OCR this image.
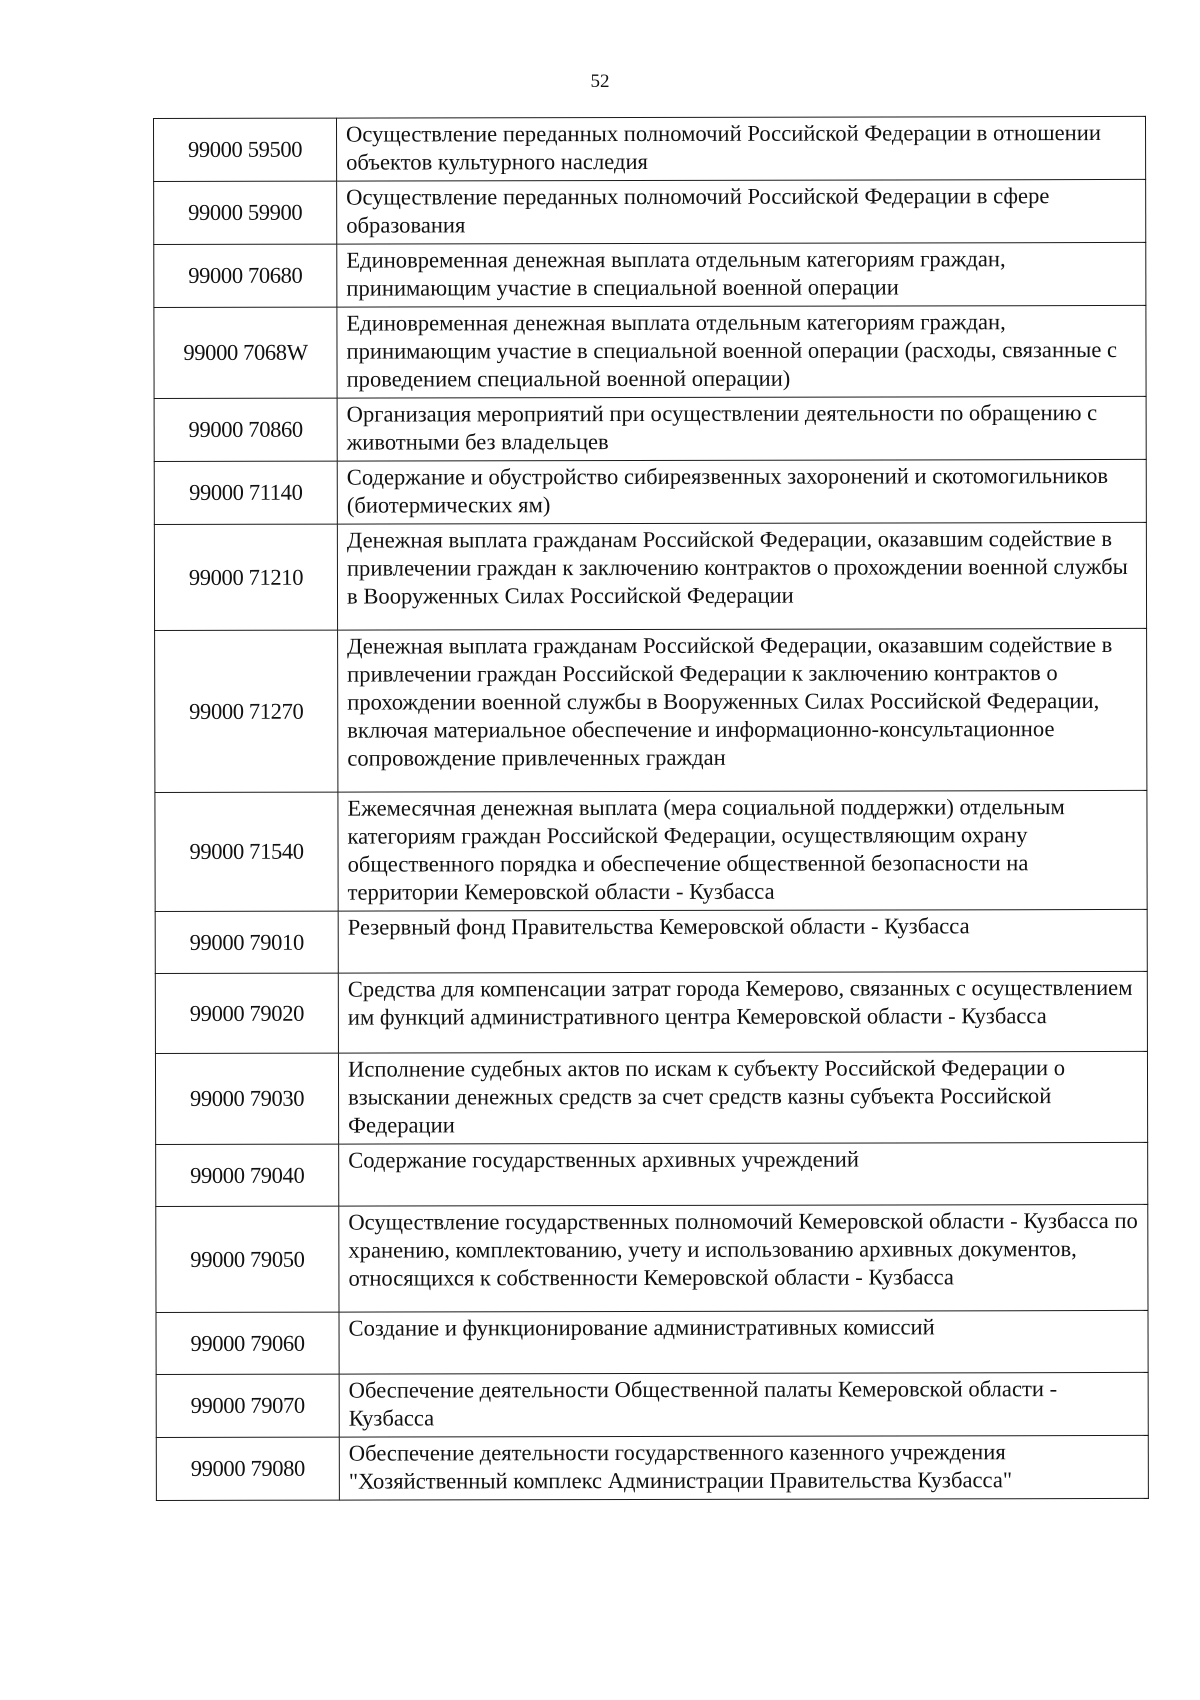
52
99000 59500	Осуществление переданных полномочий Российской Федерации в отношении объектов культурного наследия
99000 59900	Осуществление переданных полномочий Российской Федерации в сфере образования
99000 70680	Единовременная денежная выплата отдельным категориям граждан, принимающим участие в специальной военной операции
99000 7068W	Единовременная денежная выплата отдельным категориям граждан, принимающим участие в специальной военной операции (расходы, связанные с проведением специальной военной операции)
99000 70860	Организация мероприятий при осуществлении деятельности по обращению с животными без владельцев
99000 71140	Содержание и обустройство сибиреязвенных захоронений и скотомогильников (биотермических ям)
99000 71210	Денежная выплата гражданам Российской Федерации, оказавшим содействие в привлечении граждан к заключению контрактов о прохождении военной службы в Вооруженных Силах Российской Федерации
99000 71270	Денежная выплата гражданам Российской Федерации, оказавшим содействие в привлечении граждан Российской Федерации к заключению контрактов о прохождении военной службы в Вооруженных Силах Российской Федерации, включая материальное обеспечение и информационно-консультационное сопровождение привлеченных граждан
99000 71540	Ежемесячная денежная выплата (мера социальной поддержки) отдельным категориям граждан Российской Федерации, осуществляющим охрану общественного порядка и обеспечение общественной безопасности на территории Кемеровской области - Кузбасса
99000 79010	Резервный фонд Правительства Кемеровской области - Кузбасса
99000 79020	Средства для компенсации затрат города Кемерово, связанных с осуществлением им функций административного центра Кемеровской области - Кузбасса
99000 79030	Исполнение судебных актов по искам к субъекту Российской Федерации о взыскании денежных средств за счет средств казны субъекта Российской Федерации
99000 79040	Содержание государственных архивных учреждений
99000 79050	Осуществление государственных полномочий Кемеровской области - Кузбасса по хранению, комплектованию, учету и использованию архивных документов, относящихся к собственности Кемеровской области - Кузбасса
99000 79060	Создание и функционирование административных комиссий
99000 79070	Обеспечение деятельности Общественной палаты Кемеровской области - Кузбасса
99000 79080	Обеспечение деятельности государственного казенного учреждения "Хозяйственный комплекс Администрации Правительства Кузбасса"
